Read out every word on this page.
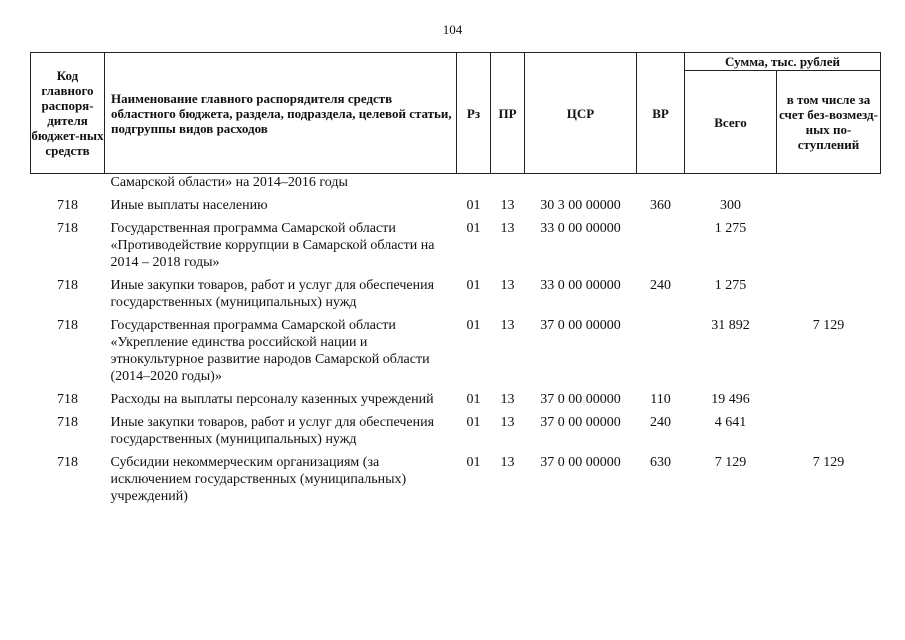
104
Код главного распоря-дителя бюджет-ных средств	Наименование главного распорядителя средств областного бюджета, раздела, подраздела, целевой статьи, подгруппы видов расходов	Рз	ПР	ЦСР	ВР	Сумма, тыс. рублей	
						Всего	в том числе за счет без-возмезд-ных по-ступлений
	Самарской области» на 2014–2016 годы						
718	Иные выплаты населению	01	13	30 3 00 00000	360	300	
718	Государственная программа Самарской области «Противодействие коррупции в Самарской области на 2014 – 2018 годы»	01	13	33 0 00 00000		1 275	
718	Иные закупки товаров, работ и услуг для обеспечения государственных (муниципальных) нужд	01	13	33 0 00 00000	240	1 275	
718	Государственная программа Самарской области «Укрепление единства российской нации и этнокультурное развитие народов Самарской области (2014–2020 годы)»	01	13	37 0 00 00000		31 892	7 129
718	Расходы на выплаты персоналу казенных учреждений	01	13	37 0 00 00000	110	19 496	
718	Иные закупки товаров, работ и услуг для обеспечения государственных (муниципальных) нужд	01	13	37 0 00 00000	240	4 641	
718	Субсидии некоммерческим организациям (за исключением государственных (муниципальных) учреждений)	01	13	37 0 00 00000	630	7 129	7 129
